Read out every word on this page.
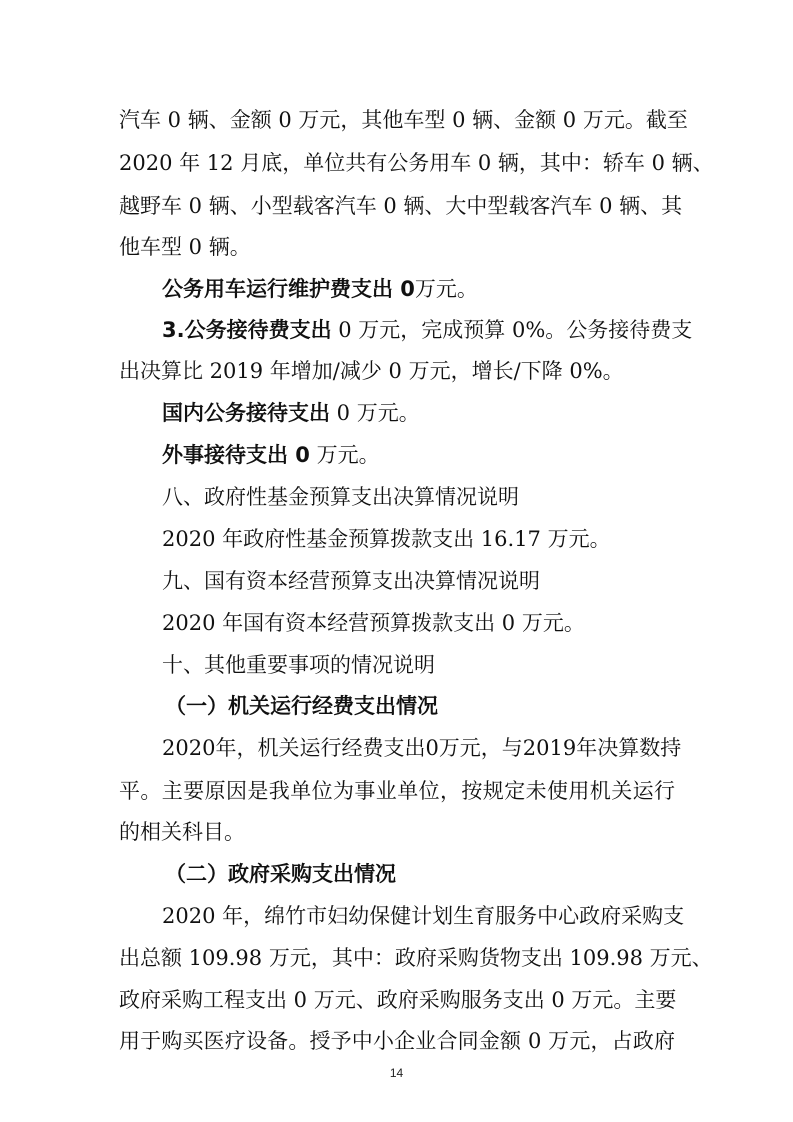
汽车 0 辆、金额 0 万元，其他车型 0 辆、金额 0 万元。截至
2020 年 12 月底，单位共有公务用车 0 辆，其中：轿车 0 辆、
越野车 0 辆、小型载客汽车 0 辆、大中型载客汽车 0 辆、其
他车型 0 辆。
公务用车运行维护费支出 0万元。
3.公务接待费支出 0 万元，完成预算 0%。公务接待费支
出决算比 2019 年增加/减少 0 万元，增长/下降 0%。
国内公务接待支出 0 万元。
外事接待支出 0 万元。
八、政府性基金预算支出决算情况说明
2020 年政府性基金预算拨款支出 16.17 万元。
九、国有资本经营预算支出决算情况说明
2020 年国有资本经营预算拨款支出 0 万元。
十、其他重要事项的情况说明
（一）机关运行经费支出情况
2020年，机关运行经费支出0万元，与2019年决算数持
平。主要原因是我单位为事业单位，按规定未使用机关运行
的相关科目。
（二）政府采购支出情况
2020 年，绵竹市妇幼保健计划生育服务中心政府采购支
出总额 109.98 万元，其中：政府采购货物支出 109.98 万元、
政府采购工程支出 0 万元、政府采购服务支出 0 万元。主要
用于购买医疗设备。授予中小企业合同金额 0 万元，占政府
14
